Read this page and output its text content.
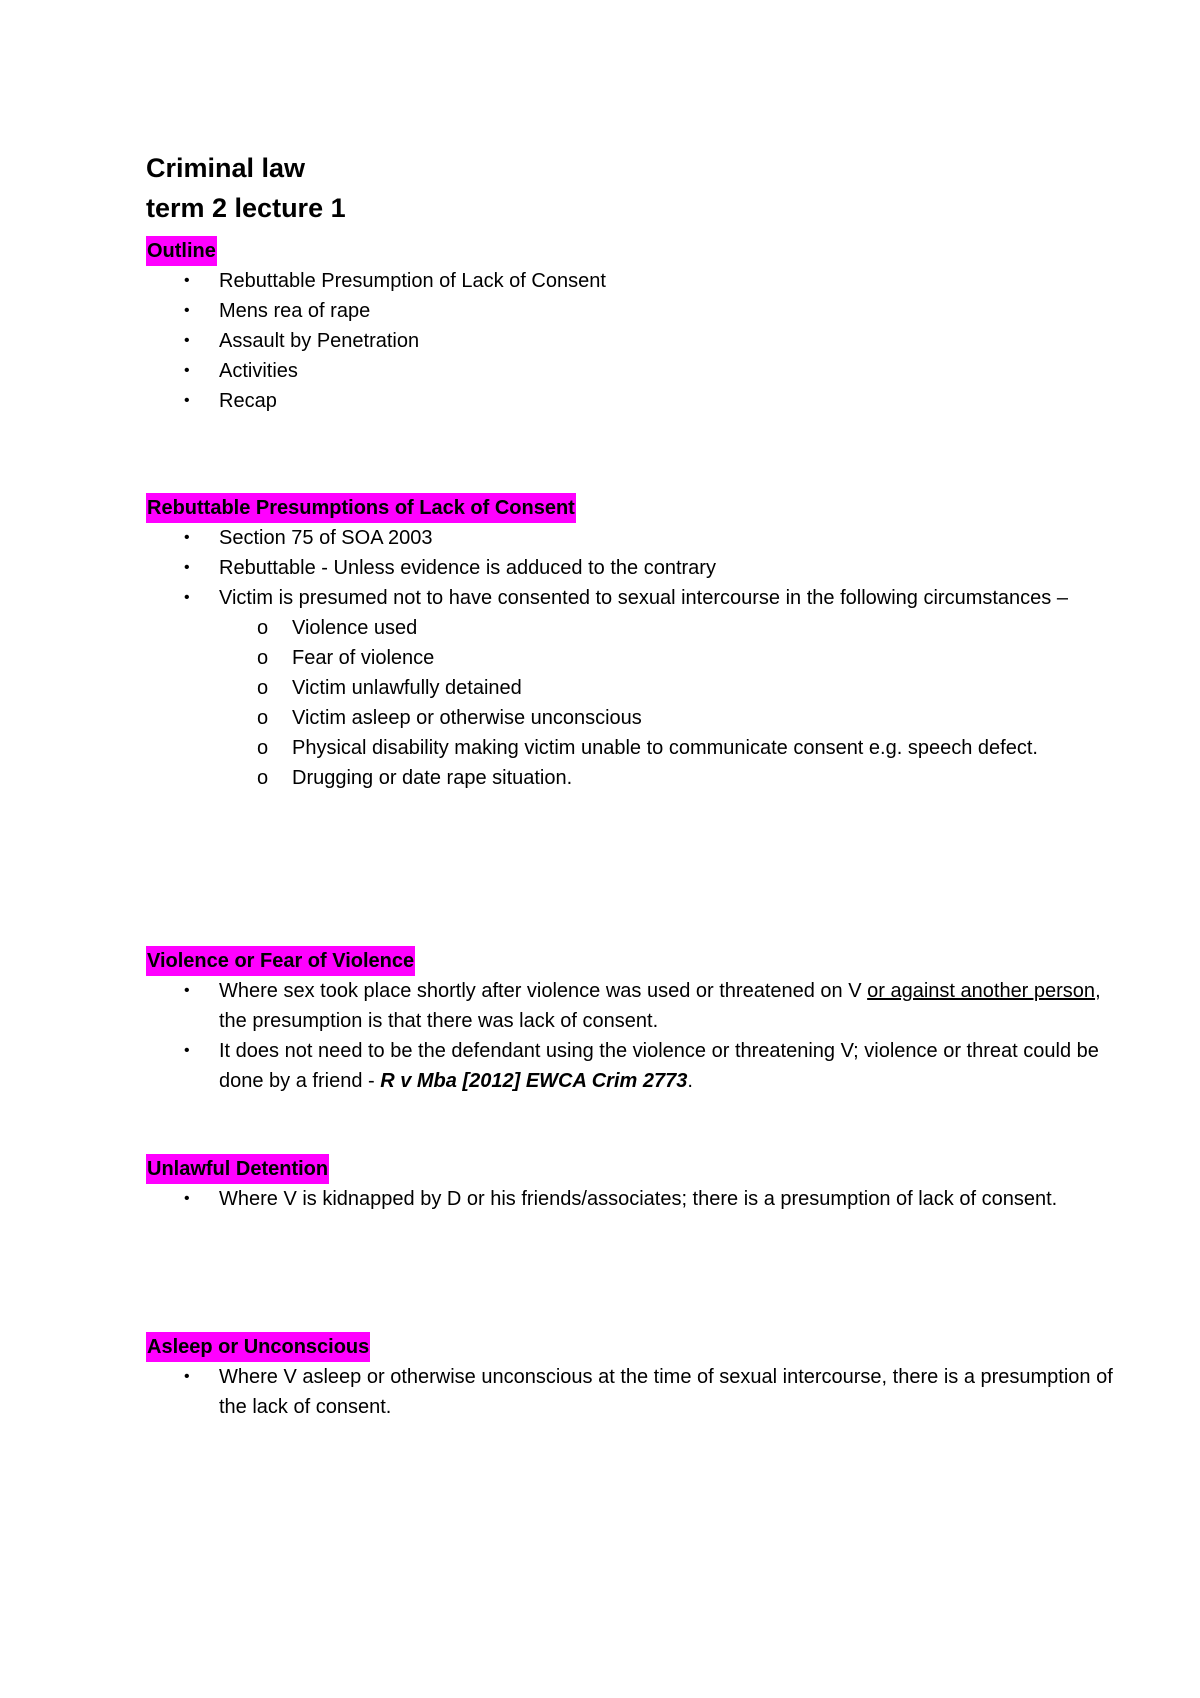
Criminal law
term 2 lecture 1
Outline
• Rebuttable Presumption of Lack of Consent
• Mens rea of rape
• Assault by Penetration
• Activities
• Recap
Rebuttable Presumptions of Lack of Consent
• Section 75 of SOA 2003
• Rebuttable - Unless evidence is adduced to the contrary
• Victim is presumed not to have consented to sexual intercourse in the following circumstances –
o Violence used
o Fear of violence
o Victim unlawfully detained
o Victim asleep or otherwise unconscious
o Physical disability making victim unable to communicate consent e.g. speech defect.
o Drugging or date rape situation.
Violence or Fear of Violence
• Where sex took place shortly after violence was used or threatened on V or against another person, the presumption is that there was lack of consent.
• It does not need to be the defendant using the violence or threatening V; violence or threat could be done by a friend - R v Mba [2012] EWCA Crim 2773.
Unlawful Detention
• Where V is kidnapped by D or his friends/associates; there is a presumption of lack of consent.
Asleep or Unconscious
• Where V asleep or otherwise unconscious at the time of sexual intercourse, there is a presumption of the lack of consent.
